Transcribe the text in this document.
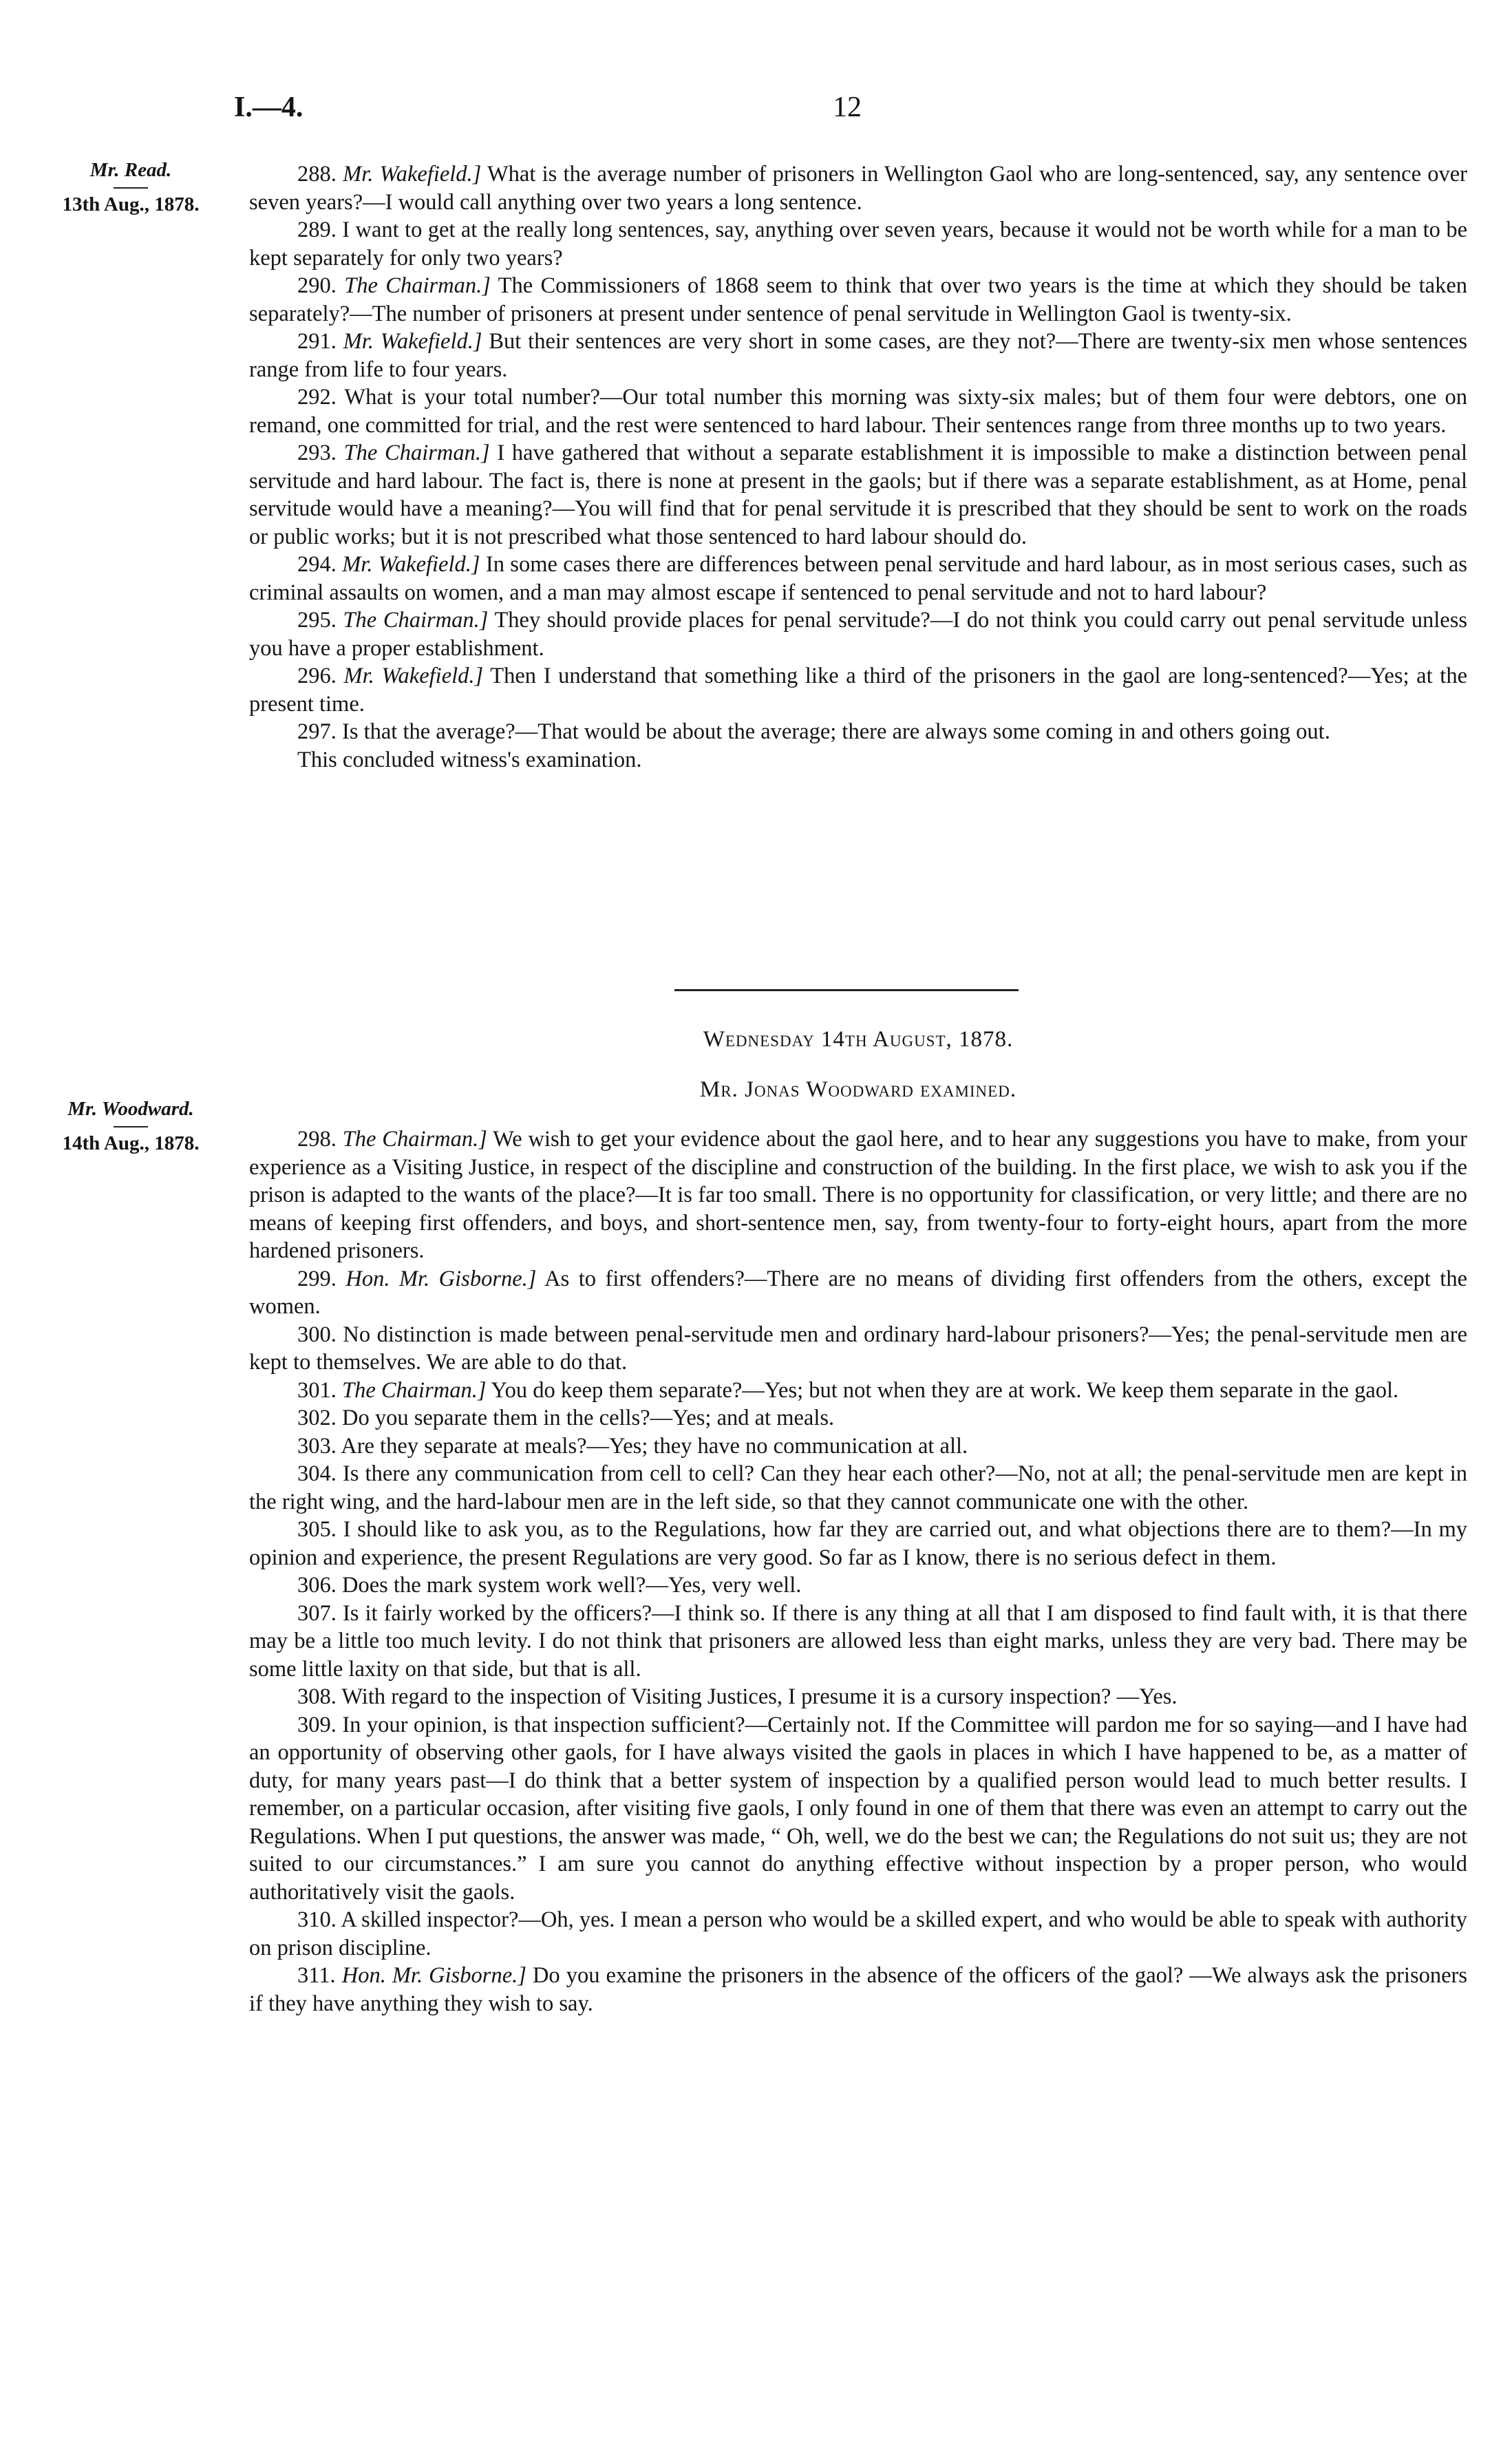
I.—4.	12
Mr. Read.
13th Aug., 1878.

288. Mr. Wakefield.] What is the average number of prisoners in Wellington Gaol who are long-sentenced, say, any sentence over seven years?—I would call anything over two years a long sentence.

289. I want to get at the really long sentences, say, anything over seven years, because it would not be worth while for a man to be kept separately for only two years?

290. The Chairman.] The Commissioners of 1868 seem to think that over two years is the time at which they should be taken separately?—The number of prisoners at present under sentence of penal servitude in Wellington Gaol is twenty-six.

291. Mr. Wakefield.] But their sentences are very short in some cases, are they not?—There are twenty-six men whose sentences range from life to four years.

292. What is your total number?—Our total number this morning was sixty-six males; but of them four were debtors, one on remand, one committed for trial, and the rest were sentenced to hard labour. Their sentences range from three months up to two years.

293. The Chairman.] I have gathered that without a separate establishment it is impossible to make a distinction between penal servitude and hard labour. The fact is, there is none at present in the gaols; but if there was a separate establishment, as at Home, penal servitude would have a meaning?—You will find that for penal servitude it is prescribed that they should be sent to work on the roads or public works; but it is not prescribed what those sentenced to hard labour should do.

294. Mr. Wakefield.] In some cases there are differences between penal servitude and hard labour, as in most serious cases, such as criminal assaults on women, and a man may almost escape if sentenced to penal servitude and not to hard labour?

295. The Chairman.] They should provide places for penal servitude?—I do not think you could carry out penal servitude unless you have a proper establishment.

296. Mr. Wakefield.] Then I understand that something like a third of the prisoners in the gaol are long-sentenced?—Yes; at the present time.

297. Is that the average?—That would be about the average; there are always some coming in and others going out.

This concluded witness's examination.

Wednesday 14th August, 1878.
Mr. Jonas Woodward examined.
Mr. Woodward.
14th Aug., 1878.	298. The Chairman.] We wish to get your evidence about the gaol here, and to hear any suggestions you have to make, from your experience as a Visiting Justice, in respect of the discipline and construction of the building. In the first place, we wish to ask you if the prison is adapted to the wants of the place?—It is far too small. There is no opportunity for classification, or very little; and there are no means of keeping first offenders, and boys, and short-sentence men, say, from twenty-four to forty-eight hours, apart from the more hardened prisoners.

299. Hon. Mr. Gisborne.] As to first offenders?—There are no means of dividing first offenders from the others, except the women.

300. No distinction is made between penal-servitude men and ordinary hard-labour prisoners?—Yes; the penal-servitude men are kept to themselves. We are able to do that.

301. The Chairman.] You do keep them separate?—Yes; but not when they are at work. We keep them separate in the gaol.

302. Do you separate them in the cells?—Yes; and at meals.

303. Are they separate at meals?—Yes; they have no communication at all.

304. Is there any communication from cell to cell? Can they hear each other?—No, not at all; the penal-servitude men are kept in the right wing, and the hard-labour men are in the left side, so that they cannot communicate one with the other.

305. I should like to ask you, as to the Regulations, how far they are carried out, and what objections there are to them?—In my opinion and experience, the present Regulations are very good. So far as I know, there is no serious defect in them.

306. Does the mark system work well?—Yes, very well.

307. Is it fairly worked by the officers?—I think so. If there is any thing at all that I am disposed to find fault with, it is that there may be a little too much levity. I do not think that prisoners are allowed less than eight marks, unless they are very bad. There may be some little laxity on that side, but that is all.

308. With regard to the inspection of Visiting Justices, I presume it is a cursory inspection? —Yes.

309. In your opinion, is that inspection sufficient?—Certainly not. If the Committee will pardon me for so saying—and I have had an opportunity of observing other gaols, for I have always visited the gaols in places in which I have happened to be, as a matter of duty, for many years past—I do think that a better system of inspection by a qualified person would lead to much better results. I remember, on a particular occasion, after visiting five gaols, I only found in one of them that there was even an attempt to carry out the Regulations. When I put questions, the answer was made, “ Oh, well, we do the best we can; the Regulations do not suit us; they are not suited to our circumstances.” I am sure you cannot do anything effective without inspection by a proper person, who would authoritatively visit the gaols.

310. A skilled inspector?—Oh, yes. I mean a person who would be a skilled expert, and who would be able to speak with authority on prison discipline.

311. Hon. Mr. Gisborne.] Do you examine the prisoners in the absence of the officers of the gaol? —We always ask the prisoners if they have anything they wish to say.
